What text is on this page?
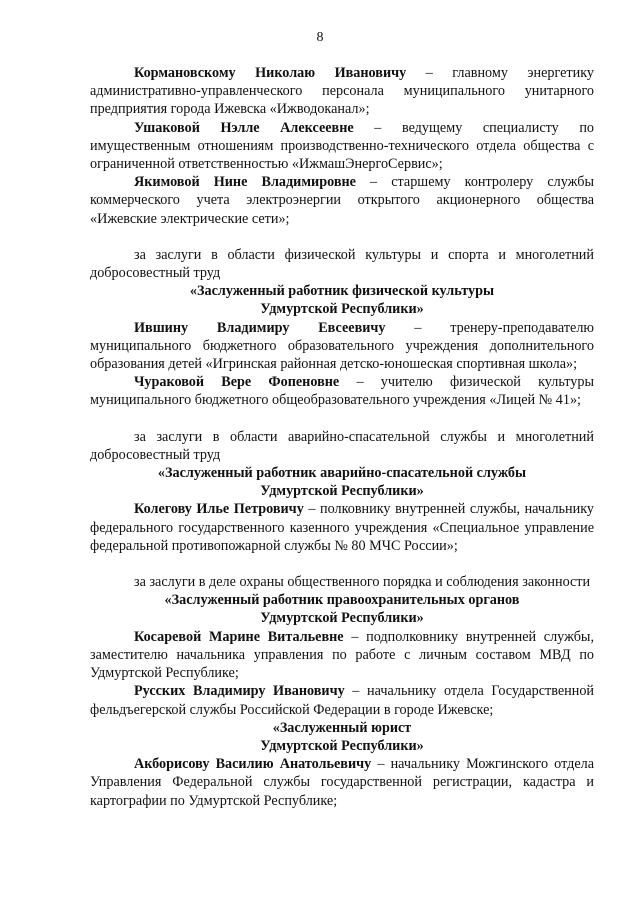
8

Кормановскому Николаю Ивановичу – главному энергетику административно-управленческого персонала муниципального унитарного предприятия города Ижевска «Ижводоканал»;

Ушаковой Нэлле Алексеевне – ведущему специалисту по имущественным отношениям производственно-технического отдела общества с ограниченной ответственностью «ИжмашЭнергоСервис»;

Якимовой Нине Владимировне – старшему контролеру службы коммерческого учета электроэнергии открытого акционерного общества «Ижевские электрические сети»;

за заслуги в области физической культуры и спорта и многолетний добросовестный труд

«Заслуженный работник физической культуры

Удмуртской Республики»

Ившину Владимиру Евсеевичу – тренеру-преподавателю муниципального бюджетного образовательного учреждения дополнительного образования детей «Игринская районная детско-юношеская спортивная школа»;

Чураковой Вере Фопеновне – учителю физической культуры муниципального бюджетного общеобразовательного учреждения «Лицей № 41»;

за заслуги в области аварийно-спасательной службы и многолетний добросовестный труд

«Заслуженный работник аварийно-спасательной службы

Удмуртской Республики»

Колегову Илье Петровичу – полковнику внутренней службы, начальнику федерального государственного казенного учреждения «Специальное управление федеральной противопожарной службы № 80 МЧС России»;

за заслуги в деле охраны общественного порядка и соблюдения законности

«Заслуженный работник правоохранительных органов

Удмуртской Республики»

Косаревой Марине Витальевне – подполковнику внутренней службы, заместителю начальника управления по работе с личным составом МВД по Удмуртской Республике;

Русских Владимиру Ивановичу – начальнику отдела Государственной фельдъегерской службы Российской Федерации в городе Ижевске;

«Заслуженный юрист

Удмуртской Республики»

Акборисову Василию Анатольевичу – начальнику Можгинского отдела Управления Федеральной службы государственной регистрации, кадастра и картографии по Удмуртской Республике;
